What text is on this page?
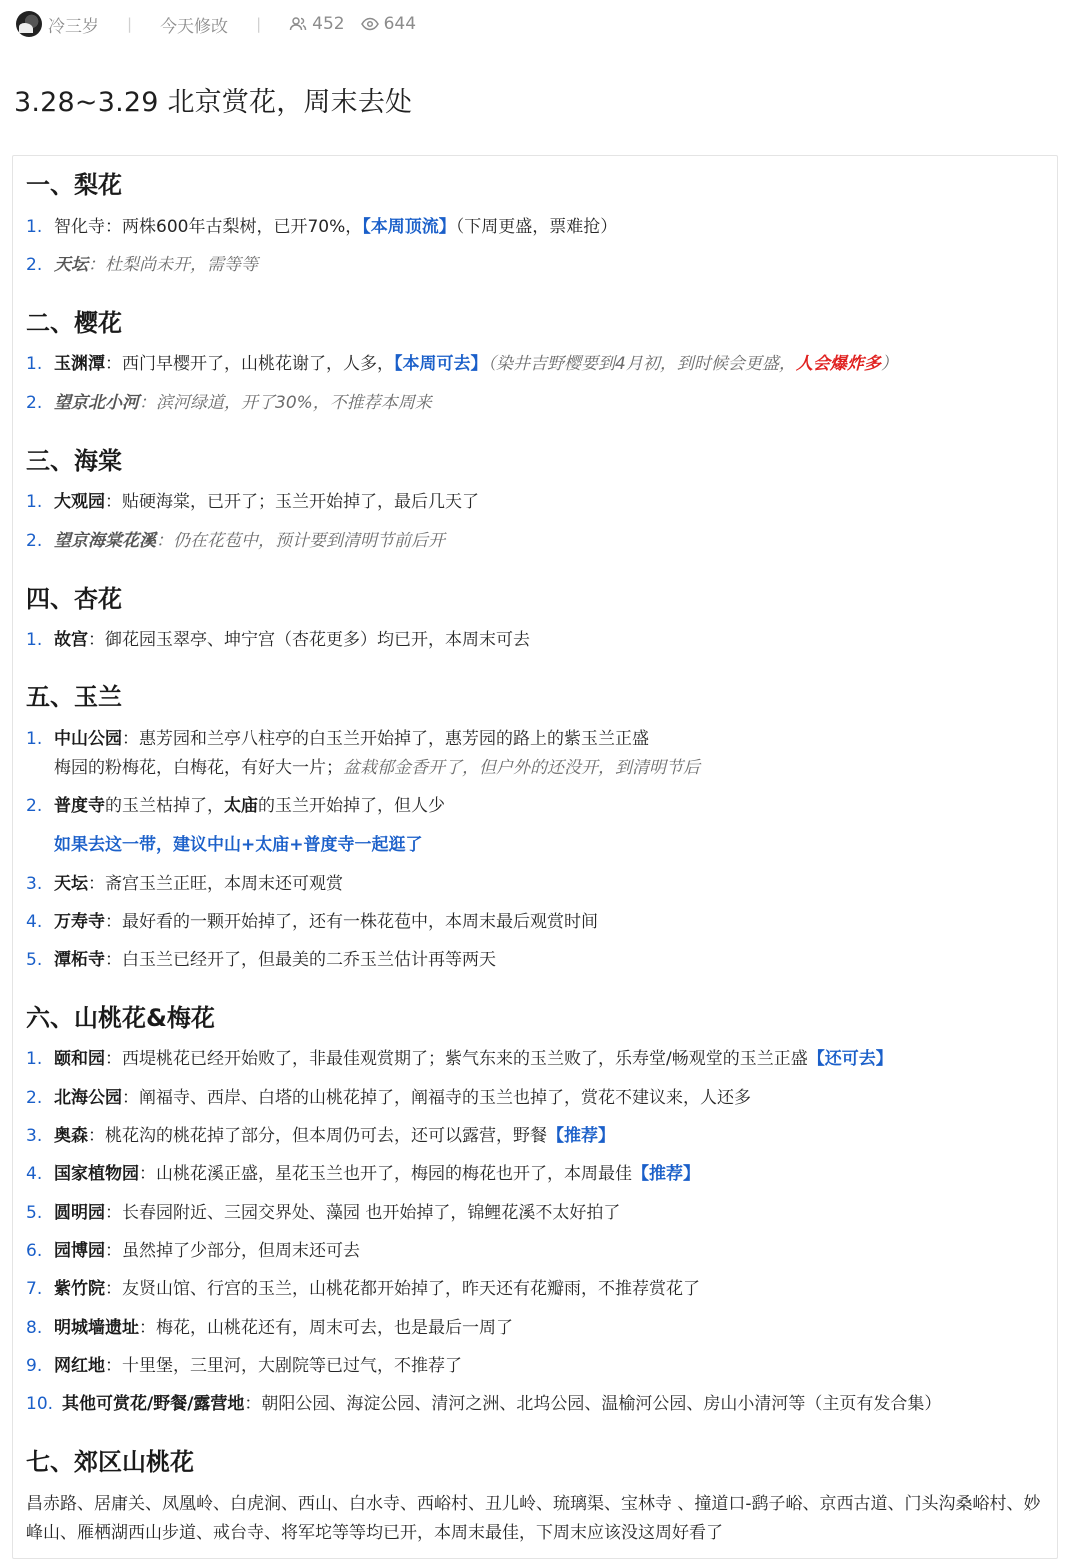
冷三岁 | 今天修改 |	452 644
3.28~3.29 北京赏花，周末去处
一、梨花
1. 智化寺：两株600年古梨树，已开70%，【本周顶流】（下周更盛，票难抢）
2. 天坛：杜梨尚未开，需等等
二、樱花
1. 玉渊潭：西门早樱开了，山桃花谢了，人多，【本周可去】（染井吉野樱要到4月初，到时候会更盛，人会爆炸多）
2. 望京北小河：滨河绿道，开了30%，不推荐本周来
三、海棠
1. 大观园：贴硬海棠，已开了；玉兰开始掉了，最后几天了
2. 望京海棠花溪：仍在花苞中，预计要到清明节前后开
四、杏花
1. 故宫：御花园玉翠亭、坤宁宫（杏花更多）均已开，本周末可去
五、玉兰
1. 中山公园：惠芳园和兰亭八柱亭的白玉兰开始掉了，惠芳园的路上的紫玉兰正盛
梅园的粉梅花，白梅花，有好大一片；盆栽郁金香开了，但户外的还没开，到清明节后
2. 普度寺的玉兰枯掉了，太庙的玉兰开始掉了，但人少
如果去这一带，建议中山+太庙+普度寺一起逛了
3. 天坛：斋宫玉兰正旺，本周末还可观赏
4. 万寿寺：最好看的一颗开始掉了，还有一株花苞中，本周末最后观赏时间
5. 潭柘寺：白玉兰已经开了，但最美的二乔玉兰估计再等两天
六、山桃花&梅花
1. 颐和园：西堤桃花已经开始败了，非最佳观赏期了；紫气东来的玉兰败了，乐寿堂/畅观堂的玉兰正盛【还可去】
2. 北海公园：阐福寺、西岸、白塔的山桃花掉了，阐福寺的玉兰也掉了，赏花不建议来，人还多
3. 奥森：桃花沟的桃花掉了部分，但本周仍可去，还可以露营，野餐【推荐】
4. 国家植物园：山桃花溪正盛，星花玉兰也开了，梅园的梅花也开了，本周最佳【推荐】
5. 圆明园：长春园附近、三园交界处、藻园 也开始掉了，锦鲤花溪不太好拍了
6. 园博园：虽然掉了少部分，但周末还可去
7. 紫竹院：友贤山馆、行宫的玉兰，山桃花都开始掉了，昨天还有花瓣雨，不推荐赏花了
8. 明城墙遗址：梅花，山桃花还有，周末可去，也是最后一周了
9. 网红地：十里堡，三里河，大剧院等已过气，不推荐了
10. 其他可赏花/野餐/露营地：朝阳公园、海淀公园、清河之洲、北坞公园、温榆河公园、房山小清河等（主页有发合集）
七、郊区山桃花
昌赤路、居庸关、凤凰岭、白虎涧、西山、白水寺、西峪村、丑儿岭、琉璃渠、宝林寺 、撞道口-鹞子峪、京西古道、门头沟桑峪村、妙峰山、雁栖湖西山步道、戒台寺、将军坨等等均已开，本周末最佳，下周末应该没这周好看了
